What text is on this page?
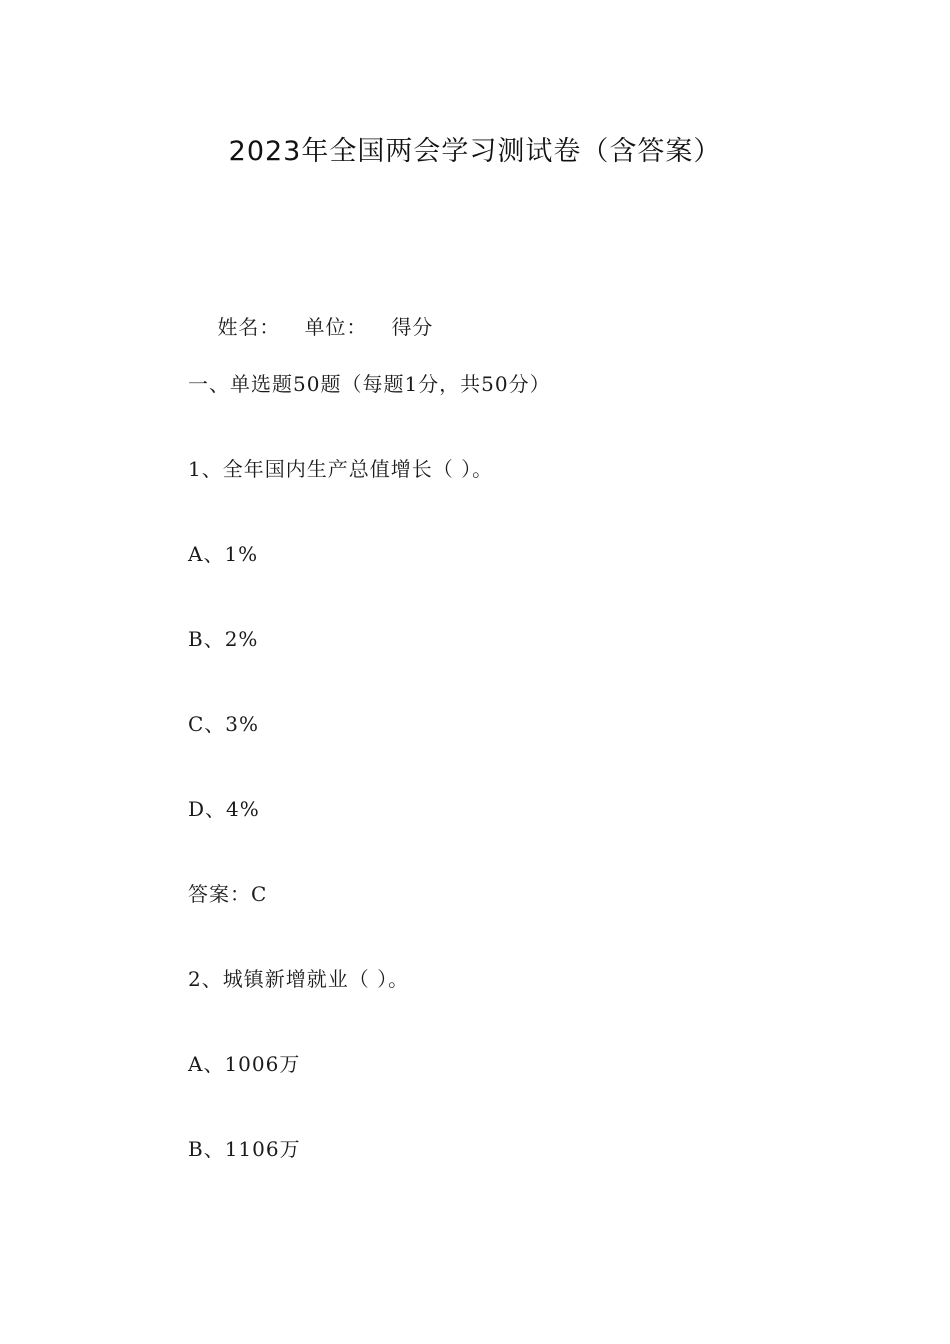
2023年全国两会学习测试卷（含答案）

姓名： 单位： 得分

一、单选题50题（每题1分，共50分）
1、全年国内生产总值增长（ ）。
A、1%
B、2%
C、3%
D、4%
答案：C
2、城镇新增就业（ ）。
A、1006万
B、1106万
